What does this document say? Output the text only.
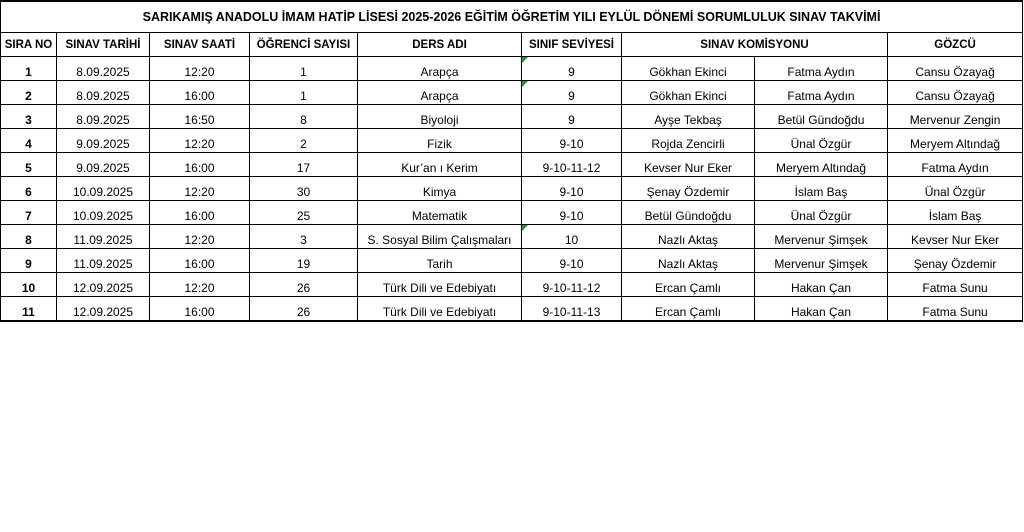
SARIKAMIŞ ANADOLU İMAM HATİP LİSESİ 2025-2026 EĞİTİM ÖĞRETİM YILI EYLÜL DÖNEMİ SORUMLULUK SINAV TAKVİMİ								
SIRA NO	SINAV TARİHİ	SINAV SAATİ	ÖĞRENCİ SAYISI	DERS ADI	SINIF SEVİYESİ	SINAV KOMİSYONU		GÖZCÜ
1	8.09.2025	12:20	1	Arapça	9	Gökhan Ekinci	Fatma Aydın	Cansu Özayağ
2	8.09.2025	16:00	1	Arapça	9	Gökhan Ekinci	Fatma Aydın	Cansu Özayağ
3	8.09.2025	16:50	8	Biyoloji	9	Ayşe Tekbaş	Betül Gündoğdu	Mervenur Zengin
4	9.09.2025	12:20	2	Fizik	9-10	Rojda Zencirli	Ünal Özgür	Meryem Altındağ
5	9.09.2025	16:00	17	Kur’an ı Kerim	9-10-11-12	Kevser Nur Eker	Meryem Altındağ	Fatma Aydın
6	10.09.2025	12:20	30	Kimya	9-10	Şenay Özdemir	İslam Baş	Ünal Özgür
7	10.09.2025	16:00	25	Matematik	9-10	Betül Gündoğdu	Ünal Özgür	İslam Baş
8	11.09.2025	12:20	3	S. Sosyal Bilim Çalışmaları	10	Nazlı Aktaş	Mervenur Şimşek	Kevser Nur Eker
9	11.09.2025	16:00	19	Tarih	9-10	Nazlı Aktaş	Mervenur Şimşek	Şenay Özdemir
10	12.09.2025	12:20	26	Türk Dili ve Edebiyatı	9-10-11-12	Ercan Çamlı	Hakan Çan	Fatma Sunu
11	12.09.2025	16:00	26	Türk Dili ve Edebiyatı	9-10-11-13	Ercan Çamlı	Hakan Çan	Fatma Sunu
